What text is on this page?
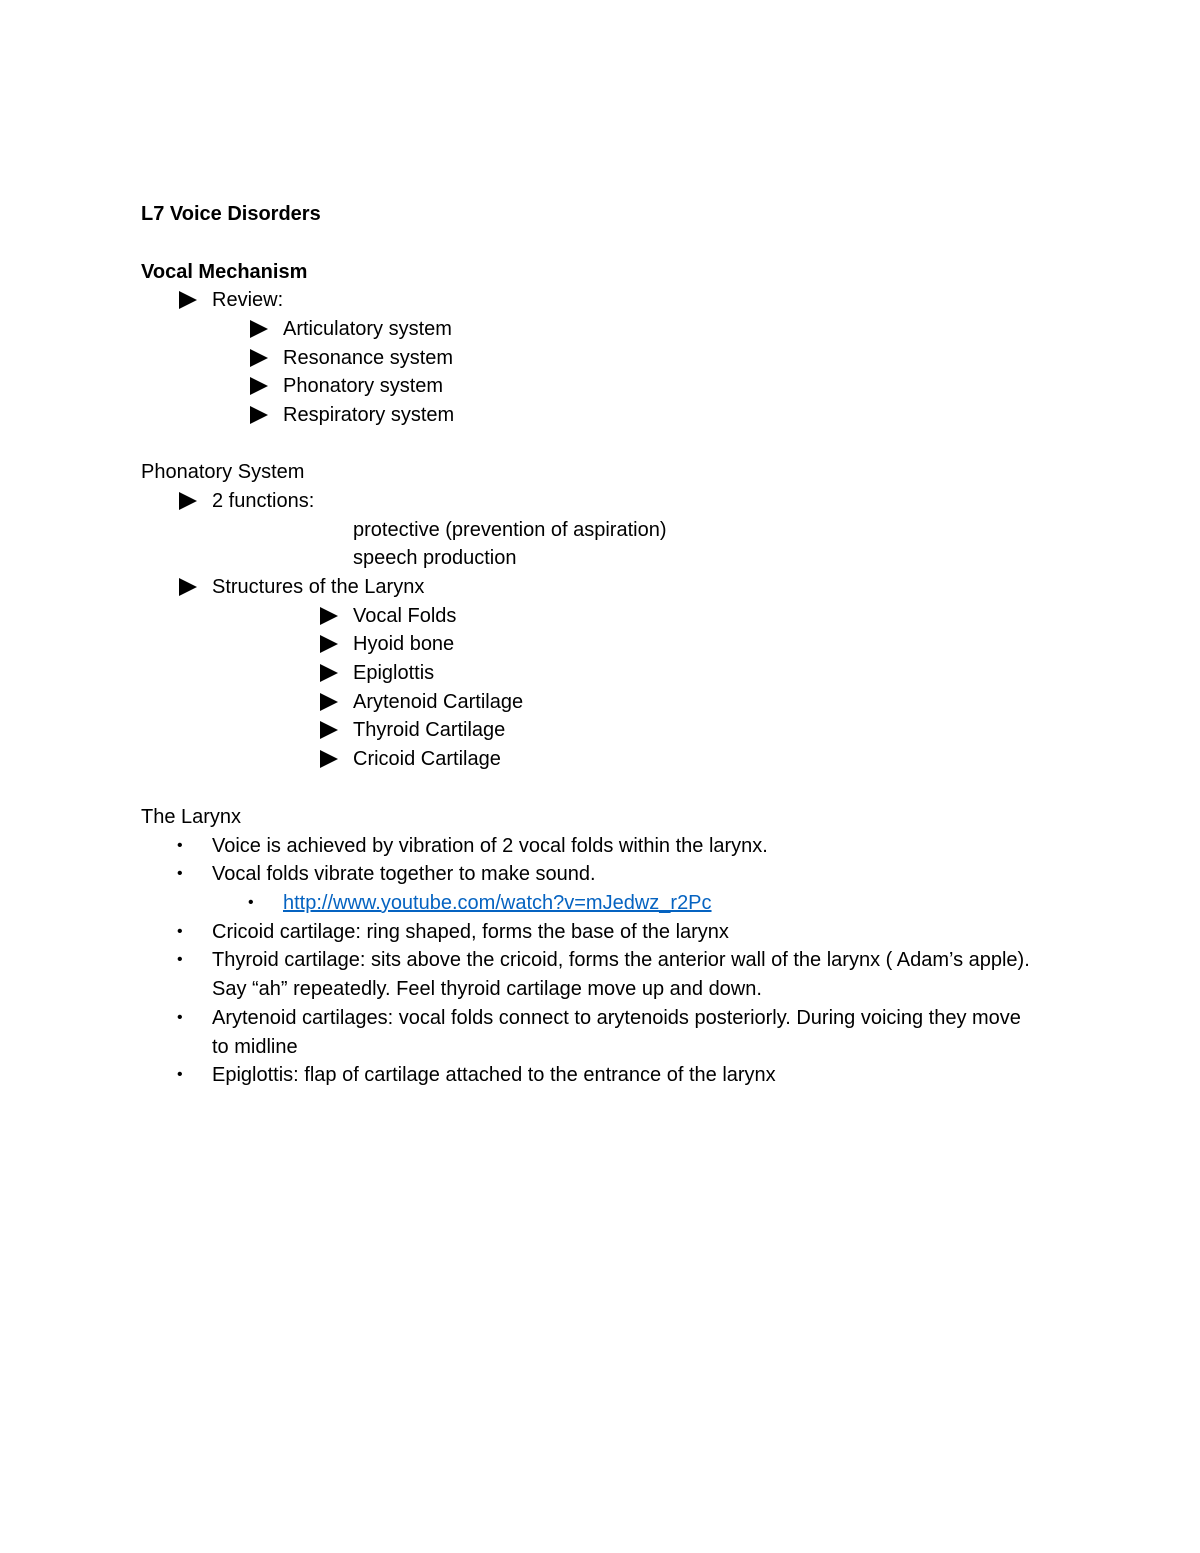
L7 Voice Disorders
Vocal Mechanism
Review:
Articulatory system
Resonance system
Phonatory system
Respiratory system
Phonatory System
2 functions:
protective (prevention of aspiration)
speech production
Structures of the Larynx
Vocal Folds
Hyoid bone
Epiglottis
Arytenoid Cartilage
Thyroid Cartilage
Cricoid Cartilage
The Larynx
• Voice is achieved by vibration of 2 vocal folds within the larynx.
• Vocal folds vibrate together to make sound.
• http://www.youtube.com/watch?v=mJedwz_r2Pc
• Cricoid cartilage: ring shaped, forms the base of the larynx
• Thyroid cartilage: sits above the cricoid, forms the anterior wall of the larynx ( Adam’s apple). Say “ah” repeatedly. Feel thyroid cartilage move up and down.
• Arytenoid cartilages: vocal folds connect to arytenoids posteriorly. During voicing they move to midline
• Epiglottis: flap of cartilage attached to the entrance of the larynx
